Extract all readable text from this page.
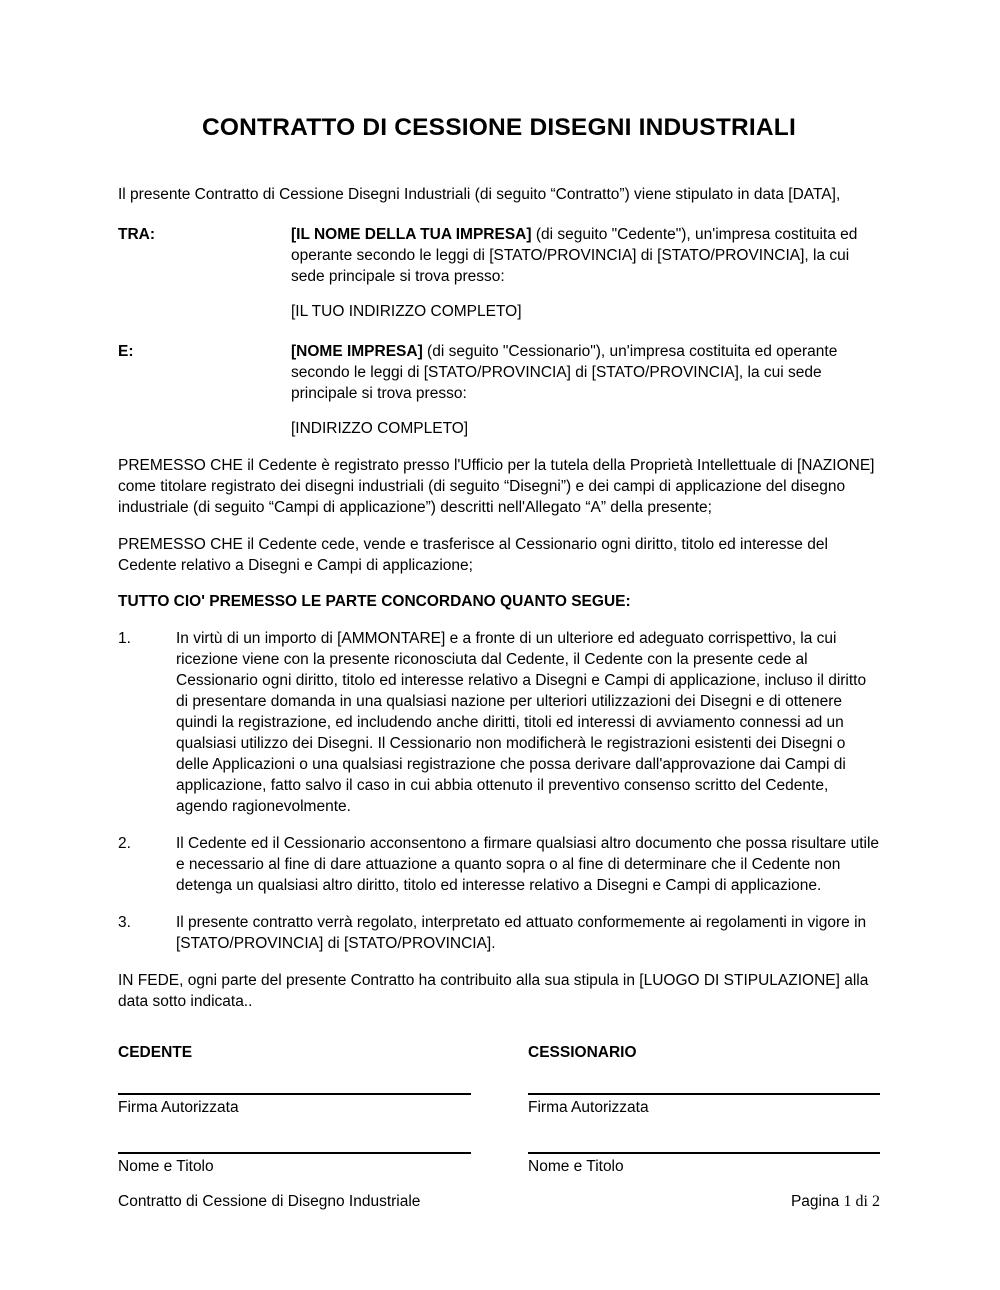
CONTRATTO DI CESSIONE DISEGNI INDUSTRIALI

Il presente Contratto di Cessione Disegni Industriali (di seguito “Contratto”) viene stipulato in data [DATA],

TRA:	[IL NOME DELLA TUA IMPRESA] (di seguito "Cedente"), un'impresa costituita ed operante secondo le leggi di [STATO/PROVINCIA] di [STATO/PROVINCIA], la cui sede principale si trova presso:

[IL TUO INDIRIZZO COMPLETO]

E:	[NOME IMPRESA] (di seguito "Cessionario"), un'impresa costituita ed operante secondo le leggi di [STATO/PROVINCIA] di [STATO/PROVINCIA], la cui sede principale si trova presso:

[INDIRIZZO COMPLETO]

PREMESSO CHE il Cedente è registrato presso l'Ufficio per la tutela della Proprietà Intellettuale di [NAZIONE] come titolare registrato dei disegni industriali (di seguito “Disegni”) e dei campi di applicazione del disegno industriale (di seguito “Campi di applicazione”) descritti nell'Allegato “A” della presente;

PREMESSO CHE il Cedente cede, vende e trasferisce al Cessionario ogni diritto, titolo ed interesse del Cedente relativo a Disegni e Campi di applicazione;

TUTTO CIO' PREMESSO LE PARTE CONCORDANO QUANTO SEGUE:

1.	In virtù di un importo di [AMMONTARE] e a fronte di un ulteriore ed adeguato corrispettivo, la cui ricezione viene con la presente riconosciuta dal Cedente, il Cedente con la presente cede al Cessionario ogni diritto, titolo ed interesse relativo a Disegni e Campi di applicazione, incluso il diritto di presentare domanda in una qualsiasi nazione per ulteriori utilizzazioni dei Disegni e di ottenere quindi la registrazione, ed includendo anche diritti, titoli ed interessi di avviamento connessi ad un qualsiasi utilizzo dei Disegni. Il Cessionario non modificherà le registrazioni esistenti dei Disegni o delle Applicazioni o una qualsiasi registrazione che possa derivare dall'approvazione dai Campi di applicazione, fatto salvo il caso in cui abbia ottenuto il preventivo consenso scritto del Cedente, agendo ragionevolmente.
2.	Il Cedente ed il Cessionario acconsentono a firmare qualsiasi altro documento che possa risultare utile e necessario al fine di dare attuazione a quanto sopra o al fine di determinare che il Cedente non detenga un qualsiasi altro diritto, titolo ed interesse relativo a Disegni e Campi di applicazione.
3.	Il presente contratto verrà regolato, interpretato ed attuato conformemente ai regolamenti in vigore in [STATO/PROVINCIA] di [STATO/PROVINCIA].

IN FEDE, ogni parte del presente Contratto ha contribuito alla sua stipula in [LUOGO DI STIPULAZIONE] alla data sotto indicata..

CEDENTE
Firma Autorizzata
Nome e Titolo
CESSIONARIO
Firma Autorizzata
Nome e Titolo
Contratto di Cessione di Disegno Industriale	Pagina 1 di 2
